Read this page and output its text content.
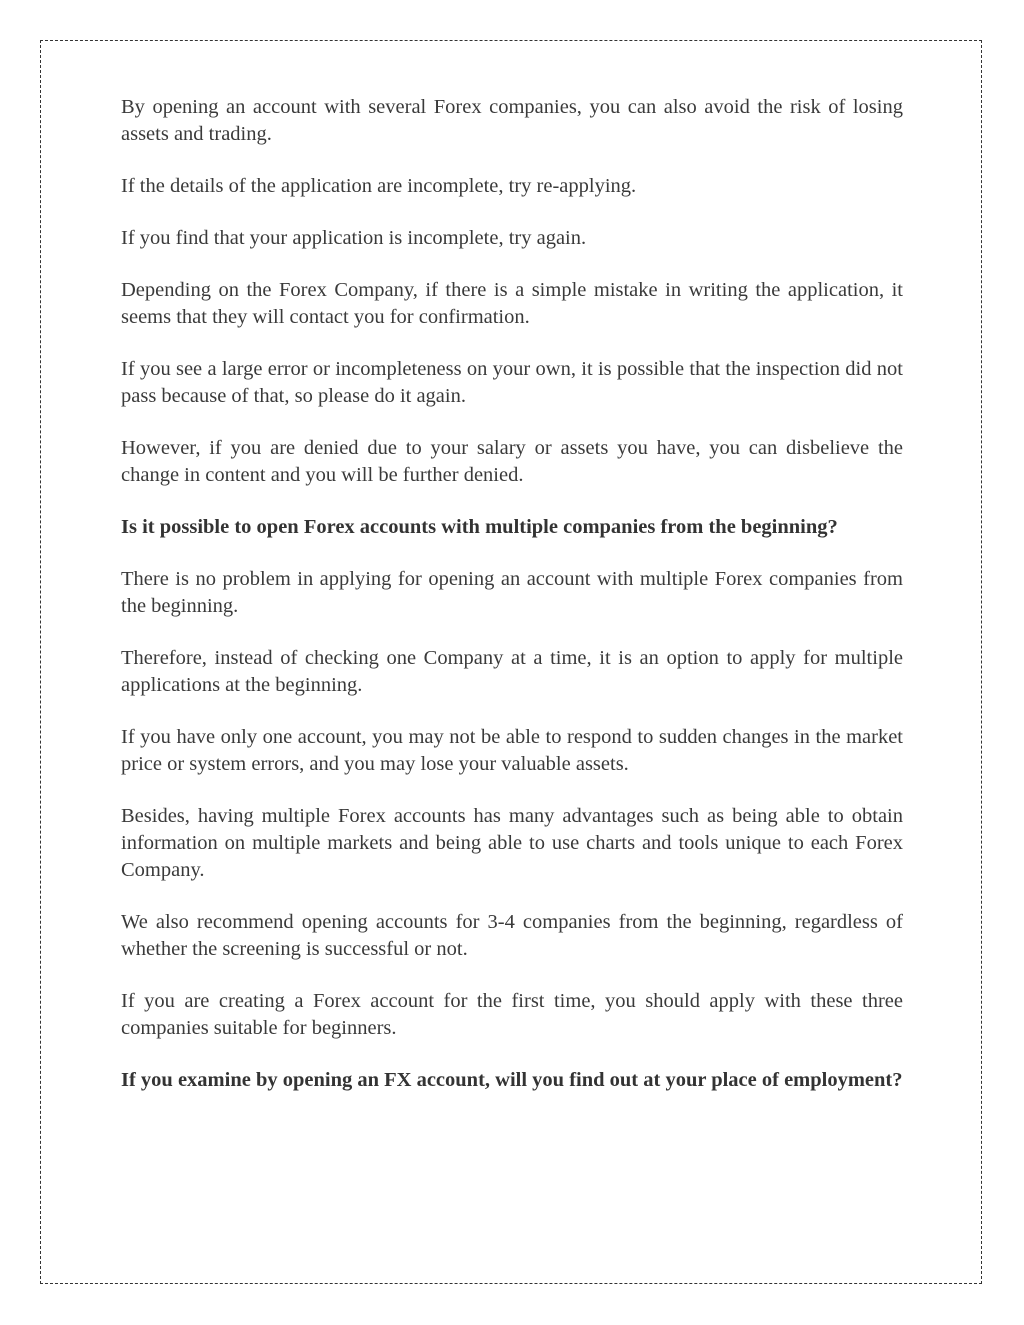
By opening an account with several Forex companies, you can also avoid the risk of losing assets and trading.

If the details of the application are incomplete, try re-applying.

If you find that your application is incomplete, try again.

Depending on the Forex Company, if there is a simple mistake in writing the application, it seems that they will contact you for confirmation.

If you see a large error or incompleteness on your own, it is possible that the inspection did not pass because of that, so please do it again.

However, if you are denied due to your salary or assets you have, you can disbelieve the change in content and you will be further denied.

Is it possible to open Forex accounts with multiple companies from the beginning?

There is no problem in applying for opening an account with multiple Forex companies from the beginning.

Therefore, instead of checking one Company at a time, it is an option to apply for multiple applications at the beginning.

If you have only one account, you may not be able to respond to sudden changes in the market price or system errors, and you may lose your valuable assets.

Besides, having multiple Forex accounts has many advantages such as being able to obtain information on multiple markets and being able to use charts and tools unique to each Forex Company.

We also recommend opening accounts for 3-4 companies from the beginning, regardless of whether the screening is successful or not.

If you are creating a Forex account for the first time, you should apply with these three companies suitable for beginners.

If you examine by opening an FX account, will you find out at your place of employment?
